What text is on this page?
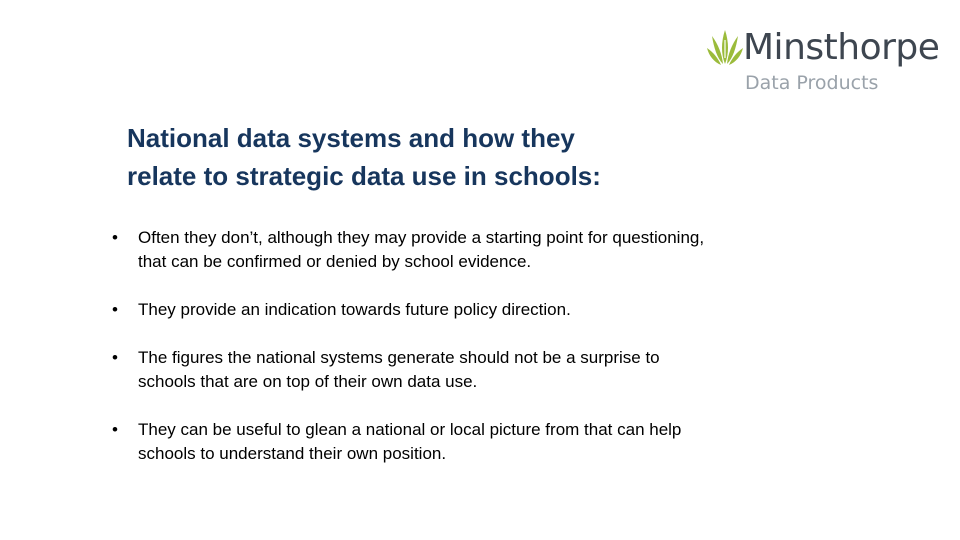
Minsthorpe
Data Products
National data systems and how they
relate to strategic data use in schools:
•	Often they don’t, although they may provide a starting point for questioning, that can be confirmed or denied by school evidence.
•	They provide an indication towards future policy direction.
•	The figures the national systems generate should not be a surprise to schools that are on top of their own data use.
•	They can be useful to glean a national or local picture from that can help schools to understand their own position.
